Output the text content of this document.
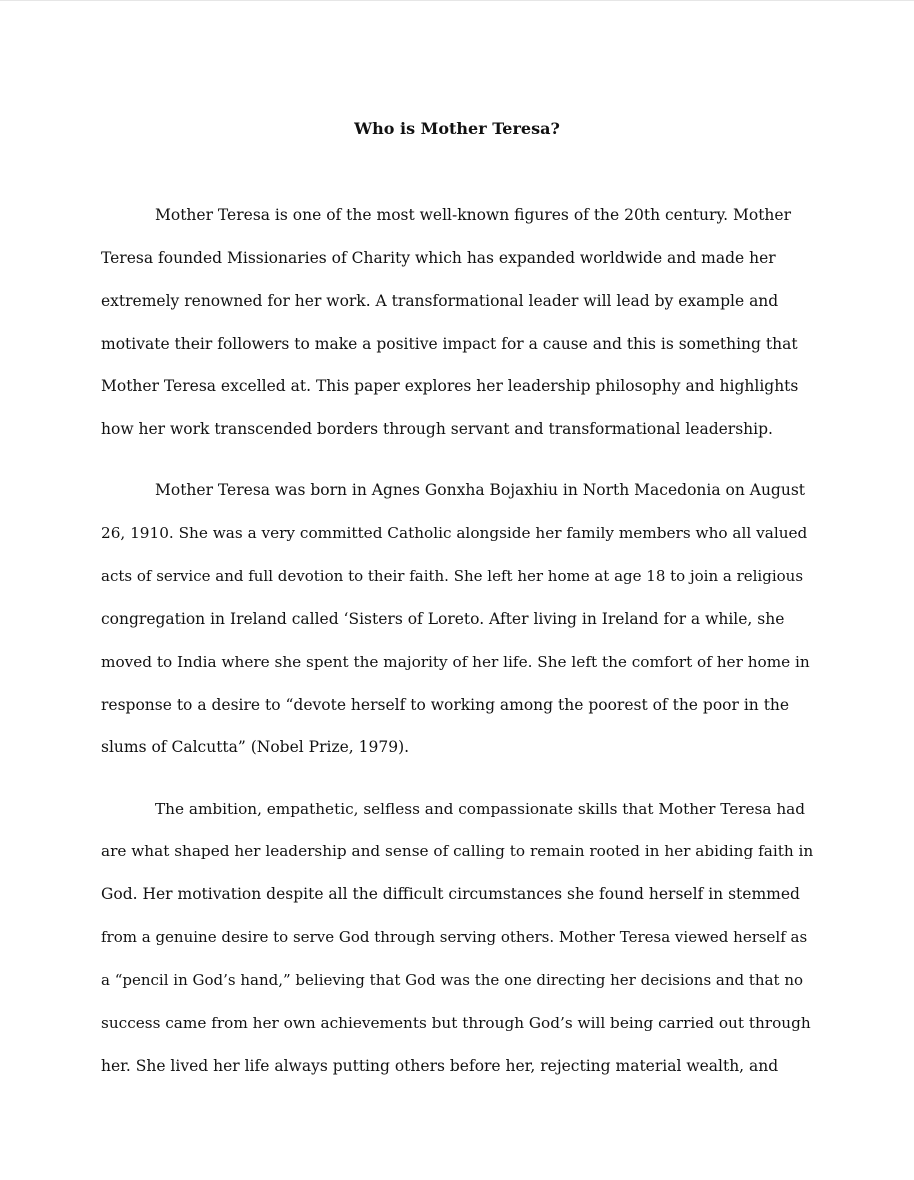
Who is Mother Teresa?
Mother Teresa is one of the most well-known figures of the 20th century. Mother
Teresa founded Missionaries of Charity which has expanded worldwide and made her
extremely renowned for her work. A transformational leader will lead by example and
motivate their followers to make a positive impact for a cause and this is something that
Mother Teresa excelled at. This paper explores her leadership philosophy and highlights
how her work transcended borders through servant and transformational leadership.
Mother Teresa was born in Agnes Gonxha Bojaxhiu in North Macedonia on August
26, 1910. She was a very committed Catholic alongside her family members who all valued
acts of service and full devotion to their faith. She left her home at age 18 to join a religious
congregation in Ireland called ‘Sisters of Loreto. After living in Ireland for a while, she
moved to India where she spent the majority of her life. She left the comfort of her home in
response to a desire to “devote herself to working among the poorest of the poor in the
slums of Calcutta” (Nobel Prize, 1979).
The ambition, empathetic, selfless and compassionate skills that Mother Teresa had
are what shaped her leadership and sense of calling to remain rooted in her abiding faith in
God. Her motivation despite all the difficult circumstances she found herself in stemmed
from a genuine desire to serve God through serving others. Mother Teresa viewed herself as
a “pencil in God’s hand,” believing that God was the one directing her decisions and that no
success came from her own achievements but through God’s will being carried out through
her. She lived her life always putting others before her, rejecting material wealth, and
